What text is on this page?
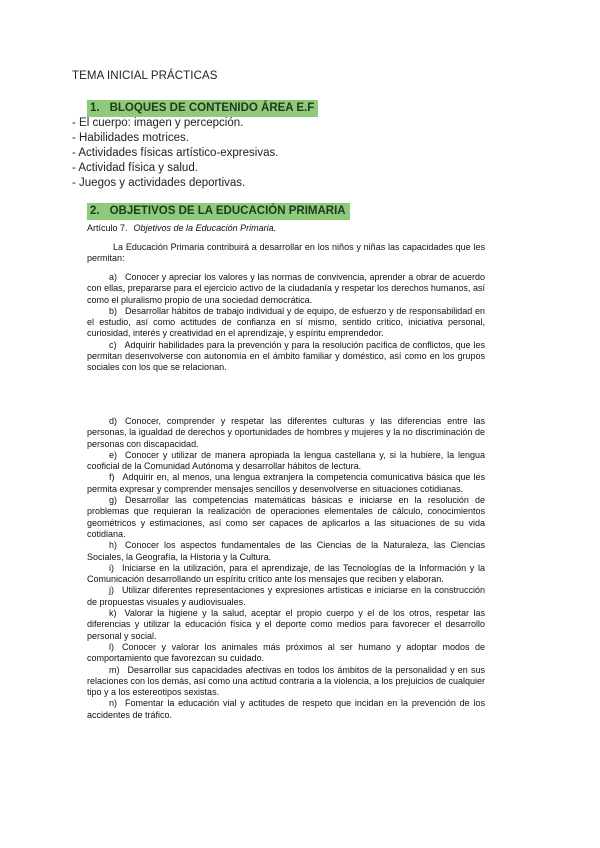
TEMA INICIAL PRÁCTICAS
1. BLOQUES DE CONTENIDO ÁREA E.F
- El cuerpo: imagen y percepción.
- Habilidades motrices.
- Actividades físicas artístico-expresivas.
- Actividad física y salud.
- Juegos y actividades deportivas.
2. OBJETIVOS DE LA EDUCACIÓN PRIMARIA
Artículo 7. Objetivos de la Educación Primaria.

La Educación Primaria contribuirá a desarrollar en los niños y niñas las capacidades que les permitan:

a) Conocer y apreciar los valores y las normas de convivencia, aprender a obrar de acuerdo con ellas, prepararse para el ejercicio activo de la ciudadanía y respetar los derechos humanos, así como el pluralismo propio de una sociedad democrática.

b) Desarrollar hábitos de trabajo individual y de equipo, de esfuerzo y de responsabilidad en el estudio, así como actitudes de confianza en sí mismo, sentido crítico, iniciativa personal, curiosidad, interés y creatividad en el aprendizaje, y espíritu emprendedor.

c) Adquirir habilidades para la prevención y para la resolución pacífica de conflictos, que les permitan desenvolverse con autonomía en el ámbito familiar y doméstico, así como en los grupos sociales con los que se relacionan.

d) Conocer, comprender y respetar las diferentes culturas y las diferencias entre las personas, la igualdad de derechos y oportunidades de hombres y mujeres y la no discriminación de personas con discapacidad.

e) Conocer y utilizar de manera apropiada la lengua castellana y, si la hubiere, la lengua cooficial de la Comunidad Autónoma y desarrollar hábitos de lectura.

f) Adquirir en, al menos, una lengua extranjera la competencia comunicativa básica que les permita expresar y comprender mensajes sencillos y desenvolverse en situaciones cotidianas.

g) Desarrollar las competencias matemáticas básicas e iniciarse en la resolución de problemas que requieran la realización de operaciones elementales de cálculo, conocimientos geométricos y estimaciones, así como ser capaces de aplicarlos a las situaciones de su vida cotidiana.

h) Conocer los aspectos fundamentales de las Ciencias de la Naturaleza, las Ciencias Sociales, la Geografía, la Historia y la Cultura.

i) Iniciarse en la utilización, para el aprendizaje, de las Tecnologías de la Información y la Comunicación desarrollando un espíritu crítico ante los mensajes que reciben y elaboran.

j) Utilizar diferentes representaciones y expresiones artísticas e iniciarse en la construcción de propuestas visuales y audiovisuales.

k) Valorar la higiene y la salud, aceptar el propio cuerpo y el de los otros, respetar las diferencias y utilizar la educación física y el deporte como medios para favorecer el desarrollo personal y social.

l) Conocer y valorar los animales más próximos al ser humano y adoptar modos de comportamiento que favorezcan su cuidado.

m) Desarrollar sus capacidades afectivas en todos los ámbitos de la personalidad y en sus relaciones con los demás, así como una actitud contraria a la violencia, a los prejuicios de cualquier tipo y a los estereotipos sexistas.

n) Fomentar la educación vial y actitudes de respeto que incidan en la prevención de los accidentes de tráfico.
